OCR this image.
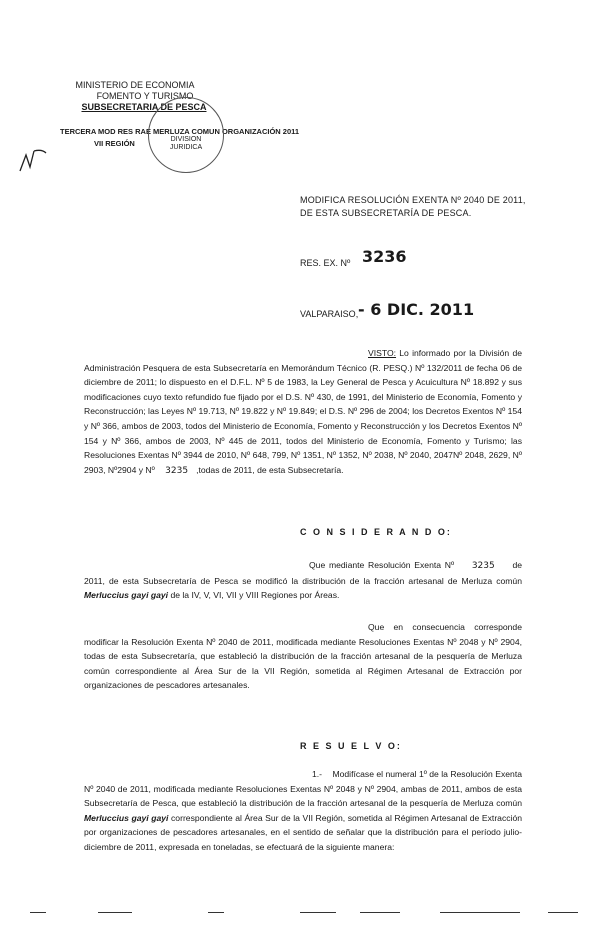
MINISTERIO DE ECONOMIA
FOMENTO Y TURISMO
SUBSECRETARIA DE PESCA
TERCERA MOD RES RAE MERLUZA COMUN ORGANIZACIÓN 2011
VII REGIÓN	DIVISION JURIDICA
MODIFICA RESOLUCIÓN EXENTA Nº 2040 DE 2011,
DE ESTA SUBSECRETARÍA DE PESCA.
RES. EX. Nº 3236
VALPARAISO, - 6 DIC. 2011
VISTO: Lo informado por la División de Administración Pesquera de esta Subsecretaría en Memorándum Técnico (R. PESQ.) Nº 132/2011 de fecha 06 de diciembre de 2011; lo dispuesto en el D.F.L. Nº 5 de 1983, la Ley General de Pesca y Acuicultura Nº 18.892 y sus modificaciones cuyo texto refundido fue fijado por el D.S. Nº 430, de 1991, del Ministerio de Economía, Fomento y Reconstrucción; las Leyes Nº 19.713, Nº 19.822 y Nº 19.849; el D.S. Nº 296 de 2004; los Decretos Exentos Nº 154 y Nº 366, ambos de 2003, todos del Ministerio de Economía, Fomento y Reconstrucción y los Decretos Exentos Nº 154 y Nº 366, ambos de 2003, Nº 445 de 2011, todos del Ministerio de Economía, Fomento y Turismo; las Resoluciones Exentas Nº 3944 de 2010, Nº 648, 799, Nº 1351, Nº 1352, Nº 2038, Nº 2040, 2047Nº 2048, 2629, Nº 2903, Nº2904 y Nº 3235 ,todas de 2011, de esta Subsecretaría.
C O N S I D E R A N D O:
Que mediante Resolución Exenta Nº 3235 de 2011, de esta Subsecretaría de Pesca se modificó la distribución de la fracción artesanal de Merluza común Merluccius gayi gayi de la IV, V, VI, VII y VIII Regiones por Áreas.
Que en consecuencia corresponde modificar la Resolución Exenta Nº 2040 de 2011, modificada mediante Resoluciones Exentas Nº 2048 y Nº 2904, todas de esta Subsecretaría, que estableció la distribución de la fracción artesanal de la pesquería de Merluza común correspondiente al Área Sur de la VII Región, sometida al Régimen Artesanal de Extracción por organizaciones de pescadores artesanales.
R E S U E L V O:
1.- Modifícase el numeral 1º de la Resolución Exenta Nº 2040 de 2011, modificada mediante Resoluciones Exentas Nº 2048 y Nº 2904, ambas de 2011, ambos de esta Subsecretaría de Pesca, que estableció la distribución de la fracción artesanal de la pesquería de Merluza común Merluccius gayi gayi correspondiente al Área Sur de la VII Región, sometida al Régimen Artesanal de Extracción por organizaciones de pescadores artesanales, en el sentido de señalar que la distribución para el período julio-diciembre de 2011, expresada en toneladas, se efectuará de la siguiente manera:
